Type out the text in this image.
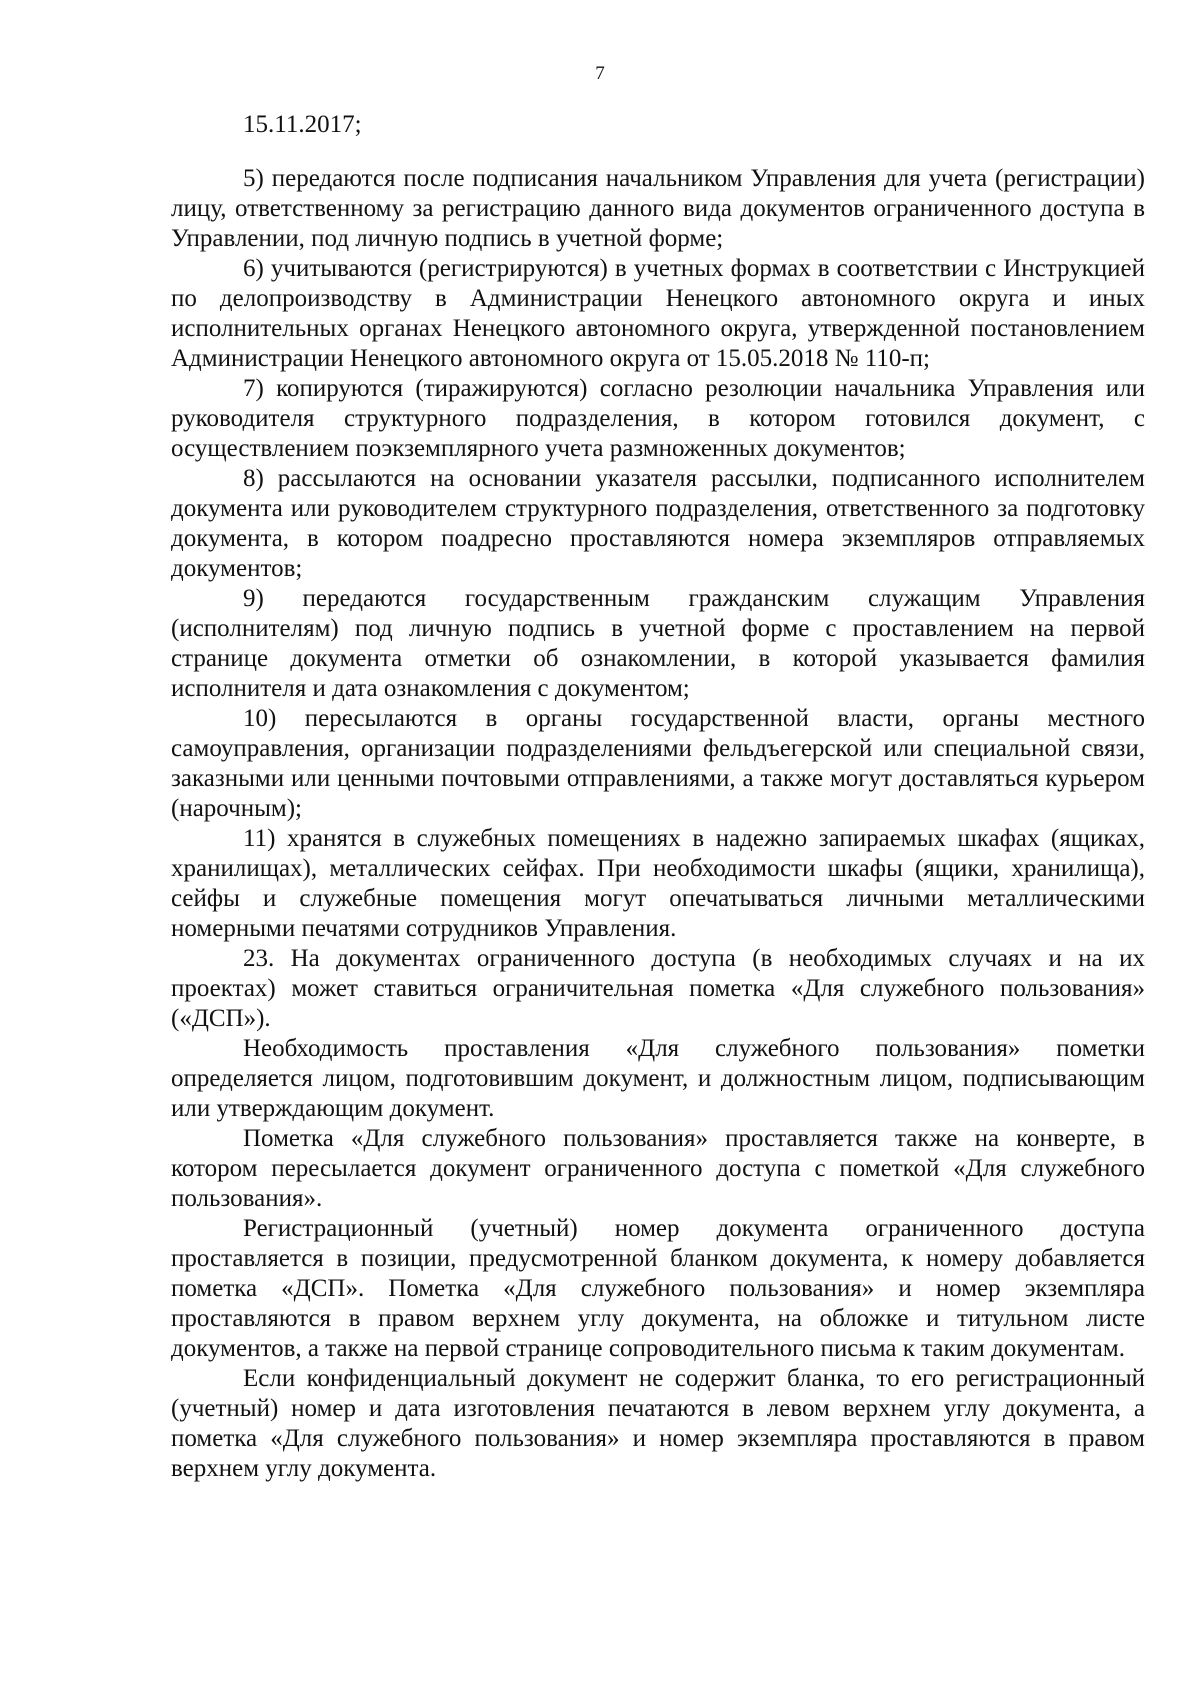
7

15.11.2017;

5) передаются после подписания начальником Управления для учета (регистрации) лицу, ответственному за регистрацию данного вида документов ограниченного доступа в Управлении, под личную подпись в учетной форме;

6) учитываются (регистрируются) в учетных формах в соответствии с Инструкцией по делопроизводству в Администрации Ненецкого автономного округа и иных исполнительных органах Ненецкого автономного округа, утвержденной постановлением Администрации Ненецкого автономного округа от 15.05.2018 № 110-п;

7) копируются (тиражируются) согласно резолюции начальника Управления или руководителя структурного подразделения, в котором готовился документ, с осуществлением поэкземплярного учета размноженных документов;

8) рассылаются на основании указателя рассылки, подписанного исполнителем документа или руководителем структурного подразделения, ответственного за подготовку документа, в котором поадресно проставляются номера экземпляров отправляемых документов;

9) передаются государственным гражданским служащим Управления (исполнителям) под личную подпись в учетной форме с проставлением на первой странице документа отметки об ознакомлении, в которой указывается фамилия исполнителя и дата ознакомления с документом;

10) пересылаются в органы государственной власти, органы местного самоуправления, организации подразделениями фельдъегерской или специальной связи, заказными или ценными почтовыми отправлениями, а также могут доставляться курьером (нарочным);

11) хранятся в служебных помещениях в надежно запираемых шкафах (ящиках, хранилищах), металлических сейфах. При необходимости шкафы (ящики, хранилища), сейфы и служебные помещения могут опечатываться личными металлическими номерными печатями сотрудников Управления.

23. На документах ограниченного доступа (в необходимых случаях и на их проектах) может ставиться ограничительная пометка «Для служебного пользования» («ДСП»).

Необходимость проставления «Для служебного пользования» пометки определяется лицом, подготовившим документ, и должностным лицом, подписывающим или утверждающим документ.

Пометка «Для служебного пользования» проставляется также на конверте, в котором пересылается документ ограниченного доступа с пометкой «Для служебного пользования».

Регистрационный (учетный) номер документа ограниченного доступа проставляется в позиции, предусмотренной бланком документа, к номеру добавляется пометка «ДСП». Пометка «Для служебного пользования» и номер экземпляра проставляются в правом верхнем углу документа, на обложке и титульном листе документов, а также на первой странице сопроводительного письма к таким документам.

Если конфиденциальный документ не содержит бланка, то его регистрационный (учетный) номер и дата изготовления печатаются в левом верхнем углу документа, а пометка «Для служебного пользования» и номер экземпляра проставляются в правом верхнем углу документа.
